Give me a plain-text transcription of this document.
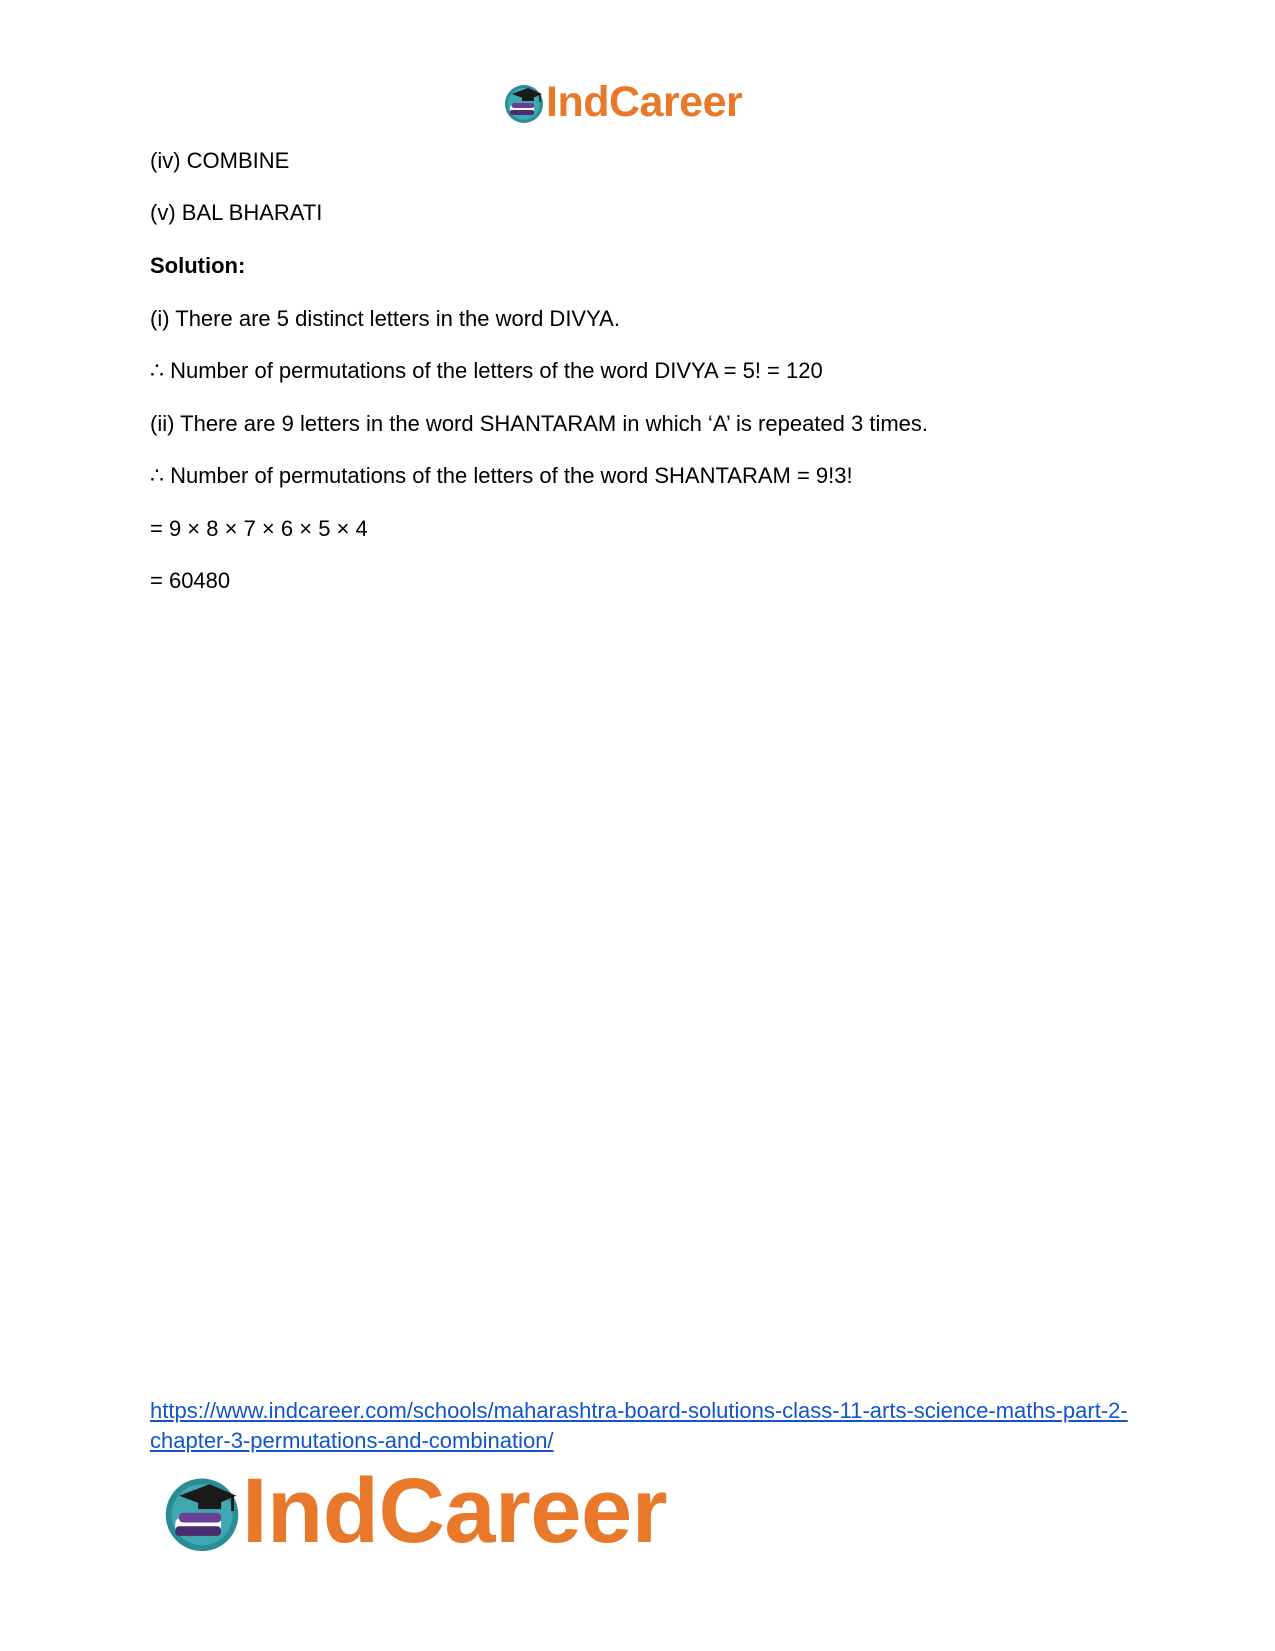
IndCareer
(iv) COMBINE
(v) BAL BHARATI
Solution:
(i) There are 5 distinct letters in the word DIVYA.
∴ Number of permutations of the letters of the word DIVYA = 5! = 120
(ii) There are 9 letters in the word SHANTARAM in which ‘A’ is repeated 3 times.
∴ Number of permutations of the letters of the word SHANTARAM = 9!3!
= 9 × 8 × 7 × 6 × 5 × 4
= 60480
https://www.indcareer.com/schools/maharashtra-board-solutions-class-11-arts-science-maths-part-2-chapter-3-permutations-and-combination/
IndCareer
